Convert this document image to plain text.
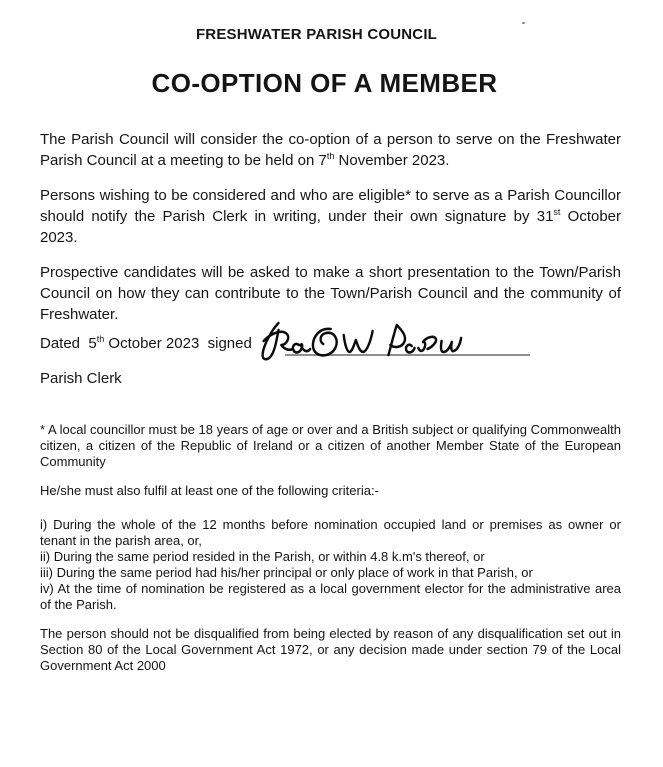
FRESHWATER PARISH COUNCIL
CO-OPTION OF A MEMBER

The Parish Council will consider the co-option of a person to serve on the Freshwater Parish Council at a meeting to be held on 7th November 2023.

Persons wishing to be considered and who are eligible* to serve as a Parish Councillor should notify the Parish Clerk in writing, under their own signature by 31st October 2023.

Prospective candidates will be asked to make a short presentation to the Town/Parish Council on how they can contribute to the Town/Parish Council and the community of Freshwater.

Dated  5th October 2023  signed

Parish Clerk

* A local councillor must be 18 years of age or over and a British subject or qualifying Commonwealth citizen, a citizen of the Republic of Ireland or a citizen of another Member State of the European Community

He/she must also fulfil at least one of the following criteria:-

i) During the whole of the 12 months before nomination occupied land or premises as owner or tenant in the parish area, or,
ii) During the same period resided in the Parish, or within 4.8 k.m's thereof, or
iii) During the same period had his/her principal or only place of work in that Parish, or
iv) At the time of nomination be registered as a local government elector for the administrative area of the Parish.

The person should not be disqualified from being elected by reason of any disqualification set out in Section 80 of the Local Government Act 1972, or any decision made under section 79 of the Local Government Act 2000
